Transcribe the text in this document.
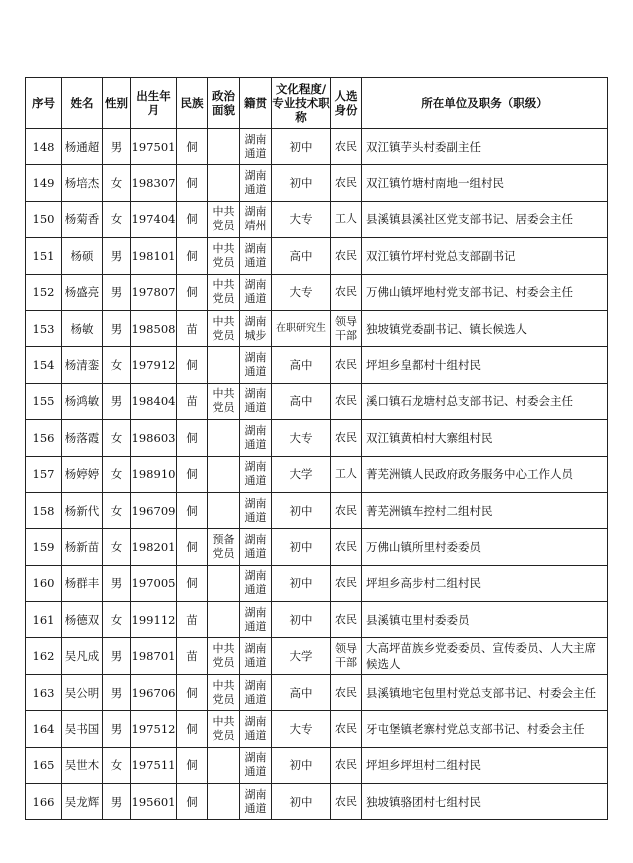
序号	姓名	性别	出生年月	民族	政治面貌	籍贯	文化程度/专业技术职称	人选身份	所在单位及职务（职级）
148	杨通超	男	197501	侗		湖南通道	初中	农民	双江镇芋头村委副主任
149	杨培杰	女	198307	侗		湖南通道	初中	农民	双江镇竹塘村南地一组村民
150	杨菊香	女	197404	侗	中共党员	湖南靖州	大专	工人	县溪镇县溪社区党支部书记、居委会主任
151	杨硕	男	198101	侗	中共党员	湖南通道	高中	农民	双江镇竹坪村党总支部副书记
152	杨盛亮	男	197807	侗	中共党员	湖南通道	大专	农民	万佛山镇坪地村党支部书记、村委会主任
153	杨敏	男	198508	苗	中共党员	湖南城步	在职研究生	领导干部	独坡镇党委副书记、镇长候选人
154	杨清銮	女	197912	侗		湖南通道	高中	农民	坪坦乡皇都村十组村民
155	杨鸿敏	男	198404	苗	中共党员	湖南通道	高中	农民	溪口镇石龙塘村总支部书记、村委会主任
156	杨落霞	女	198603	侗		湖南通道	大专	农民	双江镇黄柏村大寨组村民
157	杨婷婷	女	198910	侗		湖南通道	大学	工人	菁芜洲镇人民政府政务服务中心工作人员
158	杨新代	女	196709	侗		湖南通道	初中	农民	菁芜洲镇车控村二组村民
159	杨新苗	女	198201	侗	预备党员	湖南通道	初中	农民	万佛山镇所里村委委员
160	杨群丰	男	197005	侗		湖南通道	初中	农民	坪坦乡高步村二组村民
161	杨德双	女	199112	苗		湖南通道	初中	农民	县溪镇屯里村委委员
162	吴凡成	男	198701	苗	中共党员	湖南通道	大学	领导干部	大高坪苗族乡党委委员、宣传委员、人大主席候选人
163	吴公明	男	196706	侗	中共党员	湖南通道	高中	农民	县溪镇地宅包里村党总支部书记、村委会主任
164	吴书国	男	197512	侗	中共党员	湖南通道	大专	农民	牙屯堡镇老寨村党总支部书记、村委会主任
165	吴世木	女	197511	侗		湖南通道	初中	农民	坪坦乡坪坦村二组村民
166	吴龙辉	男	195601	侗		湖南通道	初中	农民	独坡镇骆团村七组村民
